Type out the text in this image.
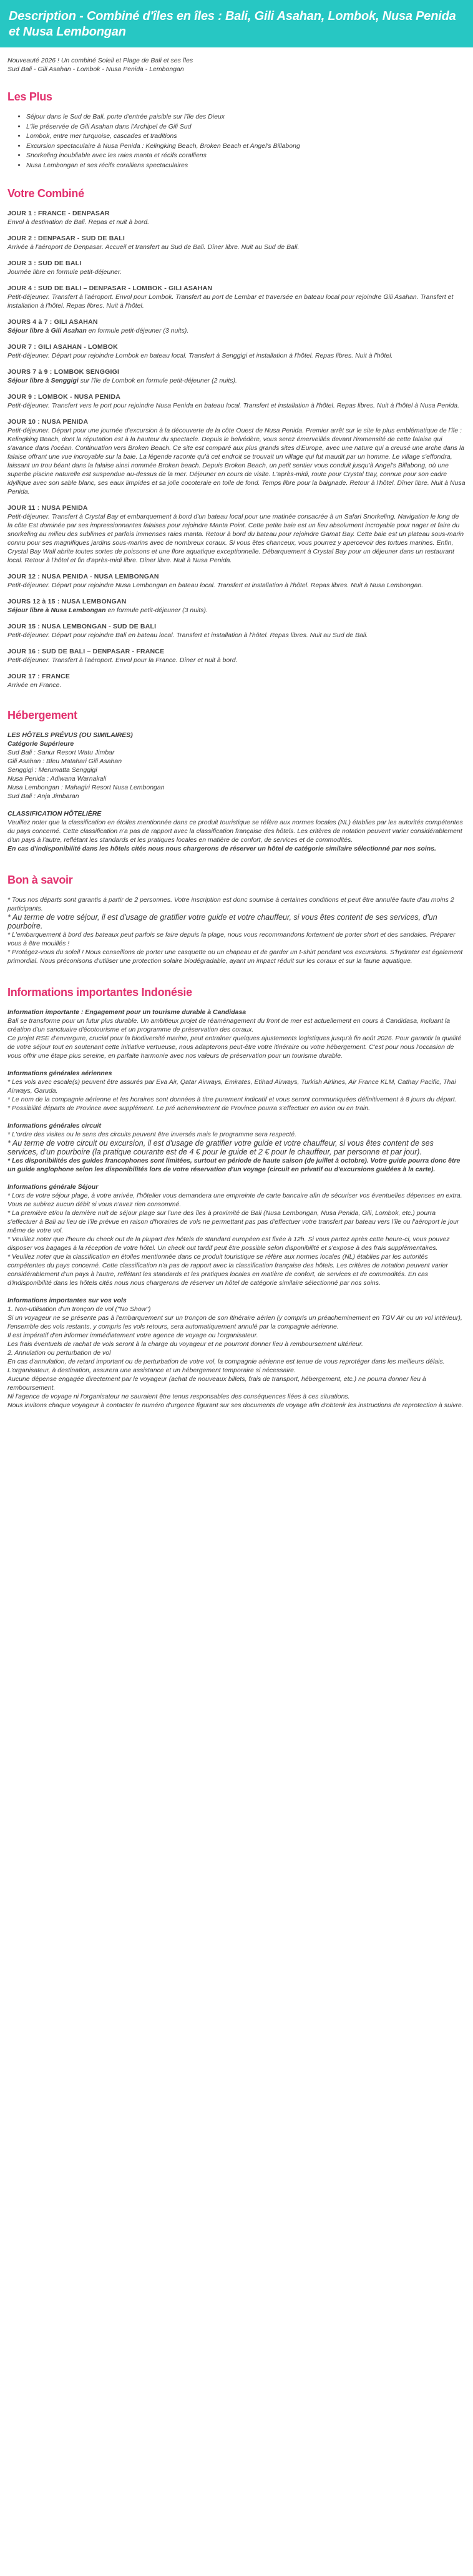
Description - Combiné d'îles en îles : Bali, Gili Asahan, Lombok, Nusa Penida et Nusa Lembongan
Nouveauté 2026 ! Un combiné Soleil et Plage de Bali et ses îles
Sud Bali - Gili Asahan - Lombok - Nusa Penida - Lembongan
Les Plus
• Séjour dans le Sud de Bali, porte d'entrée paisible sur l'île des Dieux
• L'île préservée de Gili Asahan dans l'Archipel de Gili Sud
• Lombok, entre mer turquoise, cascades et traditions
• Excursion spectaculaire à Nusa Penida : Kelingking Beach, Broken Beach et Angel's Billabong
• Snorkeling inoubliable avec les raies manta et récifs coralliens
• Nusa Lembongan et ses récifs coralliens spectaculaires
Votre Combiné
JOUR 1 : FRANCE - DENPASAR

Envol à destination de Bali. Repas et nuit à bord.

JOUR 2 : DENPASAR - SUD DE BALI

Arrivée à l'aéroport de Denpasar. Accueil et transfert au Sud de Bali. Dîner libre. Nuit au Sud de Bali.

JOUR 3 : SUD DE BALI

Journée libre en formule petit-déjeuner.

JOUR 4 : SUD DE BALI – DENPASAR - LOMBOK - GILI ASAHAN

Petit-déjeuner. Transfert à l'aéroport. Envol pour Lombok. Transfert au port de Lembar et traversée en bateau local pour rejoindre Gili Asahan. Transfert et installation à l'hôtel. Repas libres. Nuit à l'hôtel.

JOURS 4 à 7 : GILI ASAHAN

Séjour libre à Gili Asahan en formule petit-déjeuner (3 nuits).

JOUR 7 : GILI ASAHAN - LOMBOK

Petit-déjeuner. Départ pour rejoindre Lombok en bateau local. Transfert à Senggigi et installation à l'hôtel. Repas libres. Nuit à l'hôtel.

JOURS 7 à 9 : LOMBOK SENGGIGI

Séjour libre à Senggigi sur l'île de Lombok en formule petit-déjeuner (2 nuits).

JOUR 9 : LOMBOK - NUSA PENIDA

Petit-déjeuner. Transfert vers le port pour rejoindre Nusa Penida en bateau local. Transfert et installation à l'hôtel. Repas libres. Nuit à l'hôtel à Nusa Penida.

JOUR 10 : NUSA PENIDA

Petit-déjeuner. Départ pour une journée d'excursion à la découverte de la côte Ouest de Nusa Penida. Premier arrêt sur le site le plus emblématique de l'île : Kelingking Beach, dont la réputation est à la hauteur du spectacle. Depuis le belvédère, vous serez émerveillés devant l'immensité de cette falaise qui s'avance dans l'océan. Continuation vers Broken Beach. Ce site est comparé aux plus grands sites d'Europe, avec une nature qui a creusé une arche dans la falaise offrant une vue incroyable sur la baie. La légende raconte qu'à cet endroit se trouvait un village qui fut maudit par un homme. Le village s'effondra, laissant un trou béant dans la falaise ainsi nommée Broken beach. Depuis Broken Beach, un petit sentier vous conduit jusqu'à Angel's Billabong, où une superbe piscine naturelle est suspendue au-dessus de la mer. Déjeuner en cours de visite. L'après-midi, route pour Crystal Bay, connue pour son cadre idyllique avec son sable blanc, ses eaux limpides et sa jolie cocoteraie en toile de fond. Temps libre pour la baignade. Retour à l'hôtel. Dîner libre. Nuit à Nusa Penida.

JOUR 11 : NUSA PENIDA

Petit-déjeuner. Transfert à Crystal Bay et embarquement à bord d'un bateau local pour une matinée consacrée à un Safari Snorkeling. Navigation le long de la côte Est dominée par ses impressionnantes falaises pour rejoindre Manta Point. Cette petite baie est un lieu absolument incroyable pour nager et faire du snorkeling au milieu des sublimes et parfois immenses raies manta. Retour à bord du bateau pour rejoindre Gamat Bay. Cette baie est un plateau sous-marin connu pour ses magnifiques jardins sous-marins avec de nombreux coraux. Si vous êtes chanceux, vous pourrez y apercevoir des tortues marines. Enfin, Crystal Bay Wall abrite toutes sortes de poissons et une flore aquatique exceptionnelle. Débarquement à Crystal Bay pour un déjeuner dans un restaurant local. Retour à l'hôtel et fin d'après-midi libre. Dîner libre. Nuit à Nusa Penida.

JOUR 12 : NUSA PENIDA - NUSA LEMBONGAN

Petit-déjeuner. Départ pour rejoindre Nusa Lembongan en bateau local. Transfert et installation à l'hôtel. Repas libres. Nuit à Nusa Lembongan.

JOURS 12 à 15 : NUSA LEMBONGAN

Séjour libre à Nusa Lembongan en formule petit-déjeuner (3 nuits).

JOUR 15 : NUSA LEMBONGAN - SUD DE BALI

Petit-déjeuner. Départ pour rejoindre Bali en bateau local. Transfert et installation à l'hôtel. Repas libres. Nuit au Sud de Bali.

JOUR 16 : SUD DE BALI – DENPASAR - FRANCE

Petit-déjeuner. Transfert à l'aéroport. Envol pour la France. Dîner et nuit à bord.

JOUR 17 : FRANCE

Arrivée en France.

Hébergement

LES HÔTELS PRÉVUS (OU SIMILAIRES)

Catégorie Supérieure

Sud Bali : Sanur Resort Watu Jimbar

Gili Asahan : Bleu Matahari Gili Asahan

Senggigi : Merumatta Senggigi

Nusa Penida : Adiwana Warnakali

Nusa Lembongan : Mahagiri Resort Nusa Lembongan

Sud Bali : Anja Jimbaran

CLASSIFICATION HÔTELIÈRE

Veuillez noter que la classification en étoiles mentionnée dans ce produit touristique se réfère aux normes locales (NL) établies par les autorités compétentes du pays concerné. Cette classification n'a pas de rapport avec la classification française des hôtels. Les critères de notation peuvent varier considérablement d'un pays à l'autre, reflétant les standards et les pratiques locales en matière de confort, de services et de commodités.

En cas d'indisponibilité dans les hôtels cités nous nous chargerons de réserver un hôtel de catégorie similaire sélectionné par nos soins.

Bon à savoir

* Tous nos départs sont garantis à partir de 2 personnes. Votre inscription est donc soumise à certaines conditions et peut être annulée faute d'au moins 2 participants.

* Au terme de votre séjour, il est d'usage de gratifier votre guide et votre chauffeur, si vous êtes content de ses services, d'un pourboire.

* L'embarquement à bord des bateaux peut parfois se faire depuis la plage, nous vous recommandons fortement de porter short et des sandales. Préparer vous à être mouillés !

* Protégez-vous du soleil ! Nous conseillons de porter une casquette ou un chapeau et de garder un t-shirt pendant vos excursions. S'hydrater est également primordial. Nous préconisons d'utiliser une protection solaire biodégradable, ayant un impact réduit sur les coraux et sur la faune aquatique.

Informations importantes Indonésie

Information importante : Engagement pour un tourisme durable à Candidasa

Bali se transforme pour un futur plus durable. Un ambitieux projet de réaménagement du front de mer est actuellement en cours à Candidasa, incluant la création d'un sanctuaire d'écotourisme et un programme de préservation des coraux.

Ce projet RSE d'envergure, crucial pour la biodiversité marine, peut entraîner quelques ajustements logistiques jusqu'à fin août 2026. Pour garantir la qualité de votre séjour tout en soutenant cette initiative vertueuse, nous adapterons peut-être votre itinéraire ou votre hébergement. C'est pour nous l'occasion de vous offrir une étape plus sereine, en parfaite harmonie avec nos valeurs de préservation pour un tourisme durable.

Informations générales aériennes

* Les vols avec escale(s) peuvent être assurés par Eva Air, Qatar Airways, Emirates, Etihad Airways, Turkish Airlines, Air France KLM, Cathay Pacific, Thai Airways, Garuda.

* Le nom de la compagnie aérienne et les horaires sont données à titre purement indicatif et vous seront communiquées définitivement à 8 jours du départ.

* Possibilité départs de Province avec supplément. Le pré acheminement de Province pourra s'effectuer en avion ou en train.

Informations générales circuit

* L'ordre des visites ou le sens des circuits peuvent être inversés mais le programme sera respecté.

* Au terme de votre circuit ou excursion, il est d'usage de gratifier votre guide et votre chauffeur, si vous êtes content de ses services, d'un pourboire (la pratique courante est de 4 € pour le guide et 2 € pour le chauffeur, par personne et par jour).

* Les disponibilités des guides francophones sont limitées, surtout en période de haute saison (de juillet à octobre). Votre guide pourra donc être un guide anglophone selon les disponibilités lors de votre réservation d'un voyage (circuit en privatif ou d'excursions guidées à la carte).

Informations générale Séjour

* Lors de votre séjour plage, à votre arrivée, l'hôtelier vous demandera une empreinte de carte bancaire afin de sécuriser vos éventuelles dépenses en extra. Vous ne subirez aucun débit si vous n'avez rien consommé.

* La première et/ou la dernière nuit de séjour plage sur l'une des îles à proximité de Bali (Nusa Lembongan, Nusa Penida, Gili, Lombok, etc.) pourra s'effectuer à Bali au lieu de l'île prévue en raison d'horaires de vols ne permettant pas pas d'effectuer votre transfert par bateau vers l'île ou l'aéroport le jour même de votre vol.

* Veuillez noter que l'heure du check out de la plupart des hôtels de standard européen est fixée à 12h. Si vous partez après cette heure-ci, vous pouvez disposer vos bagages à la réception de votre hôtel. Un check out tardif peut être possible selon disponibilité et s'expose à des frais supplémentaires.

* Veuillez noter que la classification en étoiles mentionnée dans ce produit touristique se réfère aux normes locales (NL) établies par les autorités compétentes du pays concerné. Cette classification n'a pas de rapport avec la classification française des hôtels. Les critères de notation peuvent varier considérablement d'un pays à l'autre, reflétant les standards et les pratiques locales en matière de confort, de services et de commodités. En cas d'indisponibilité dans les hôtels cités nous nous chargerons de réserver un hôtel de catégorie similaire sélectionné par nos soins.

Informations importantes sur vos vols

1. Non-utilisation d'un tronçon de vol ("No Show")

Si un voyageur ne se présente pas à l'embarquement sur un tronçon de son itinéraire aérien (y compris un préacheminement en TGV Air ou un vol intérieur), l'ensemble des vols restants, y compris les vols retours, sera automatiquement annulé par la compagnie aérienne.

Il est impératif d'en informer immédiatement votre agence de voyage ou l'organisateur.

Les frais éventuels de rachat de vols seront à la charge du voyageur et ne pourront donner lieu à remboursement ultérieur.

2. Annulation ou perturbation de vol

En cas d'annulation, de retard important ou de perturbation de votre vol, la compagnie aérienne est tenue de vous reprotéger dans les meilleurs délais.

L'organisateur, à destination, assurera une assistance et un hébergement temporaire si nécessaire.

Aucune dépense engagée directement par le voyageur (achat de nouveaux billets, frais de transport, hébergement, etc.) ne pourra donner lieu à remboursement.

Ni l'agence de voyage ni l'organisateur ne sauraient être tenus responsables des conséquences liées à ces situations.

Nous invitons chaque voyageur à contacter le numéro d'urgence figurant sur ses documents de voyage afin d'obtenir les instructions de reprotection à suivre.
